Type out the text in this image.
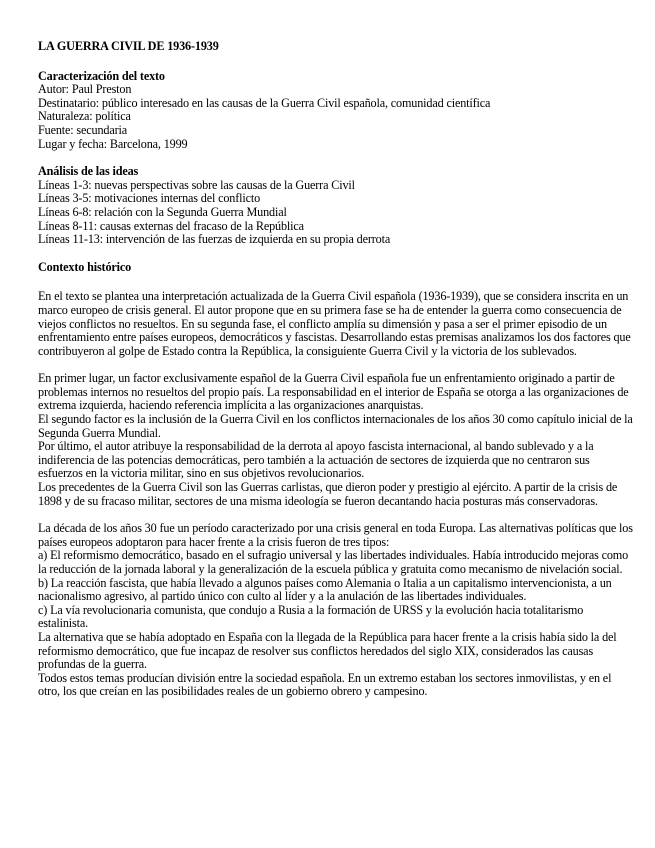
LA GUERRA CIVIL DE 1936-1939
Caracterización del texto
Autor: Paul Preston
Destinatario: público interesado en las causas de la Guerra Civil española, comunidad científica
Naturaleza: política
Fuente: secundaria
Lugar y fecha: Barcelona, 1999
Análisis de las ideas
Líneas 1-3: nuevas perspectivas sobre las causas de la Guerra Civil
Líneas 3-5: motivaciones internas del conflicto
Líneas 6-8: relación con la Segunda Guerra Mundial
Líneas 8-11: causas externas del fracaso de la República
Líneas 11-13: intervención de las fuerzas de izquierda en su propia derrota
Contexto histórico

En el texto se plantea una interpretación actualizada de la Guerra Civil española (1936-1939), que se considera inscrita en un marco europeo de crisis general. El autor propone que en su primera fase se ha de entender la guerra como consecuencia de viejos conflictos no resueltos. En su segunda fase, el conflicto amplía su dimensión y pasa a ser el primer episodio de un enfrentamiento entre países europeos, democráticos y fascistas. Desarrollando estas premisas analizamos los dos factores que contribuyeron al golpe de Estado contra la República, la consiguiente Guerra Civil y la victoria de los sublevados.

En primer lugar, un factor exclusivamente español de la Guerra Civil española fue un enfrentamiento originado a partir de problemas internos no resueltos del propio país. La responsabilidad en el interior de España se otorga a las organizaciones de extrema izquierda, haciendo referencia implícita a las organizaciones anarquistas.

El segundo factor es la inclusión de la Guerra Civil en los conflictos internacionales de los años 30 como capítulo inicial de la Segunda Guerra Mundial.

Por último, el autor atribuye la responsabilidad de la derrota al apoyo fascista internacional, al bando sublevado y a la indiferencia de las potencias democráticas, pero también a la actuación de sectores de izquierda que no centraron sus esfuerzos en la victoria militar, sino en sus objetivos revolucionarios.

Los precedentes de la Guerra Civil son las Guerras carlistas, que dieron poder y prestigio al ejército. A partir de la crisis de 1898 y de su fracaso militar, sectores de una misma ideología se fueron decantando hacia posturas más conservadoras.

La década de los años 30 fue un período caracterizado por una crisis general en toda Europa. Las alternativas políticas que los países europeos adoptaron para hacer frente a la crisis fueron de tres tipos:

a) El reformismo democrático, basado en el sufragio universal y las libertades individuales. Había introducido mejoras como la reducción de la jornada laboral y la generalización de la escuela pública y gratuita como mecanismo de nivelación social.

b) La reacción fascista, que había llevado a algunos países como Alemania o Italia a un capitalismo intervencionista, a un nacionalismo agresivo, al partido único con culto al líder y a la anulación de las libertades individuales.

c) La vía revolucionaria comunista, que condujo a Rusia a la formación de URSS y la evolución hacia totalitarismo estalinista.

La alternativa que se había adoptado en España con la llegada de la República para hacer frente a la crisis había sido la del reformismo democrático, que fue incapaz de resolver sus conflictos heredados del siglo XIX, considerados las causas profundas de la guerra.

Todos estos temas producían división entre la sociedad española. En un extremo estaban los sectores inmovilistas, y en el otro, los que creían en las posibilidades reales de un gobierno obrero y campesino.
